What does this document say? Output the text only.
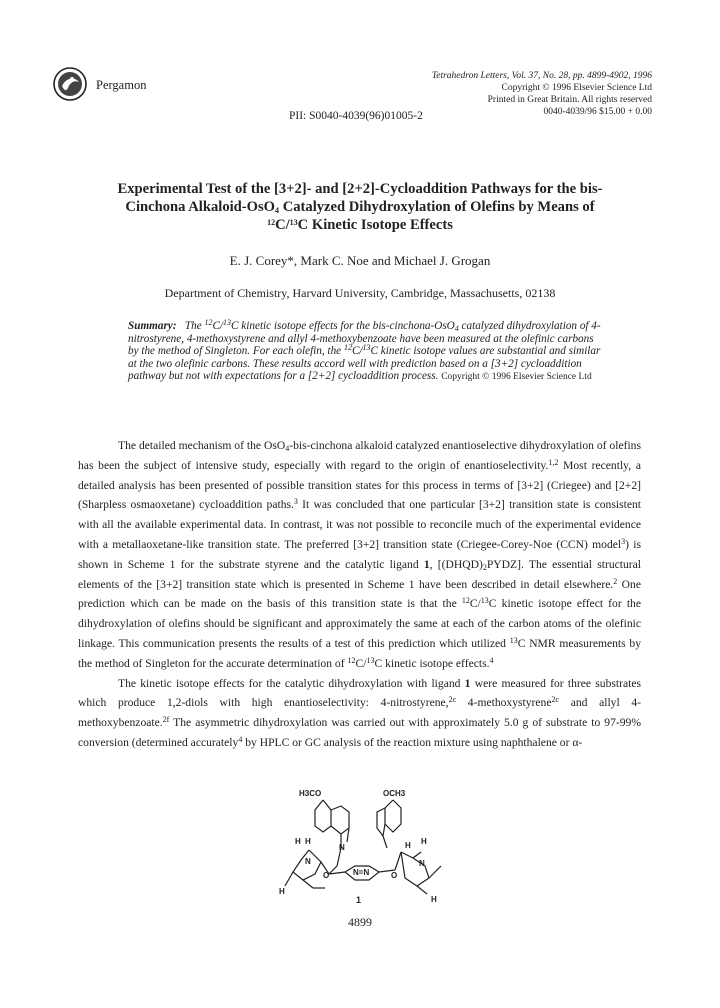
Pergamon
Tetrahedron Letters, Vol. 37, No. 28, pp. 4899-4902, 1996
Copyright © 1996 Elsevier Science Ltd
Printed in Great Britain. All rights reserved
0040-4039/96 $15.00 + 0.00
PII: S0040-4039(96)01005-2
Experimental Test of the [3+2]- and [2+2]-Cycloaddition Pathways for the bis-
Cinchona Alkaloid-OsO$_4$ Catalyzed Dihydroxylation of Olefins by Means of
$^{12}$C/$^{13}$C Kinetic Isotope Effects
E. J. Corey*, Mark C. Noe and Michael J. Grogan
Department of Chemistry, Harvard University, Cambridge, Massachusetts, 02138
Summary:   The $^{12}$C/$^{13}$C kinetic isotope effects for the bis-cinchona-OsO$_4$ catalyzed dihydroxylation of 4-nitrostyrene, 4-methoxystyrene and allyl 4-methoxybenzoate have been measured at the olefinic carbons by the method of Singleton. For each olefin, the $^{12}$C/$^{13}$C kinetic isotope values are substantial and similar at the two olefinic carbons. These results accord well with prediction based on a [3+2] cycloaddition pathway but not with expectations for a [2+2] cycloaddition process. Copyright © 1996 Elsevier Science Ltd

The detailed mechanism of the OsO$_4$-bis-cinchona alkaloid catalyzed enantioselective dihydroxylation of olefins has been the subject of intensive study, especially with regard to the origin of enantioselectivity.$^{1,2}$ Most recently, a detailed analysis has been presented of possible transition states for this process in terms of [3+2] (Criegee) and [2+2] (Sharpless osmaoxetane) cycloaddition paths.$^3$ It was concluded that one particular [3+2] transition state is consistent with all the available experimental data. In contrast, it was not possible to reconcile much of the experimental evidence with a metallaoxetane-like transition state. The preferred [3+2] transition state (Criegee-Corey-Noe (CCN) model$^3$) is shown in Scheme 1 for the substrate styrene and the catalytic ligand 1, $[(DHQD)_2PYDZ]$. The essential structural elements of the [3+2] transition state which is presented in Scheme 1 have been described in detail elsewhere.$^2$ One prediction which can be made on the basis of this transition state is that the $^{12}$C/$^{13}$C kinetic isotope effect for the dihydroxylation of olefins should be significant and approximately the same at each of the carbon atoms of the olefinic linkage. This communication presents the results of a test of this prediction which utilized $^{13}$C NMR measurements by the method of Singleton for the accurate determination of $^{12}$C/$^{13}$C kinetic isotope effects.$^4$

The kinetic isotope effects for the catalytic dihydroxylation with ligand 1 were measured for three substrates which produce 1,2-diols with high enantioselectivity: 4-nitrostyrene,$^{2c}$ 4-methoxystyrene$^{2c}$ and allyl 4-methoxybenzoate.$^{2f}$ The asymmetric dihydroxylation was carried out with approximately 5.0 g of substrate to 97-99% conversion (determined accurately$^4$ by HPLC or GC analysis of the reaction mixture using naphthalene or α-

H3CO	OCH3
N=N
N
N	N
O	O
H H	H H
H
H
1
4899
